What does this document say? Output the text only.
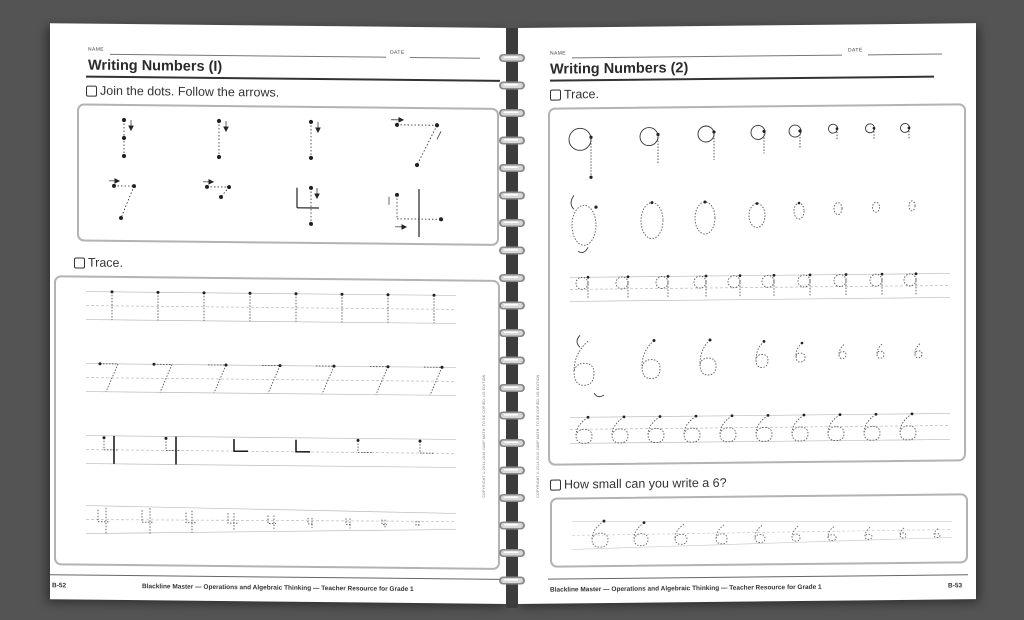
NAME
DATE
Writing Numbers (I)
Join the dots. Follow the arrows.
Trace.
B-52	Blackline Master — Operations and Algebraic Thinking — Teacher Resource for Grade 1
COPYRIGHT © 2014-2015 JUMP MATH: TO BE COPIED. US EDITION
NAME
DATE
Writing Numbers (2)
Trace.
How small can you write a 6?
Blackline Master — Operations and Algebraic Thinking — Teacher Resource for Grade 1	B-53
COPYRIGHT © 2014-2015 JUMP MATH: TO BE COPIED. US EDITION
